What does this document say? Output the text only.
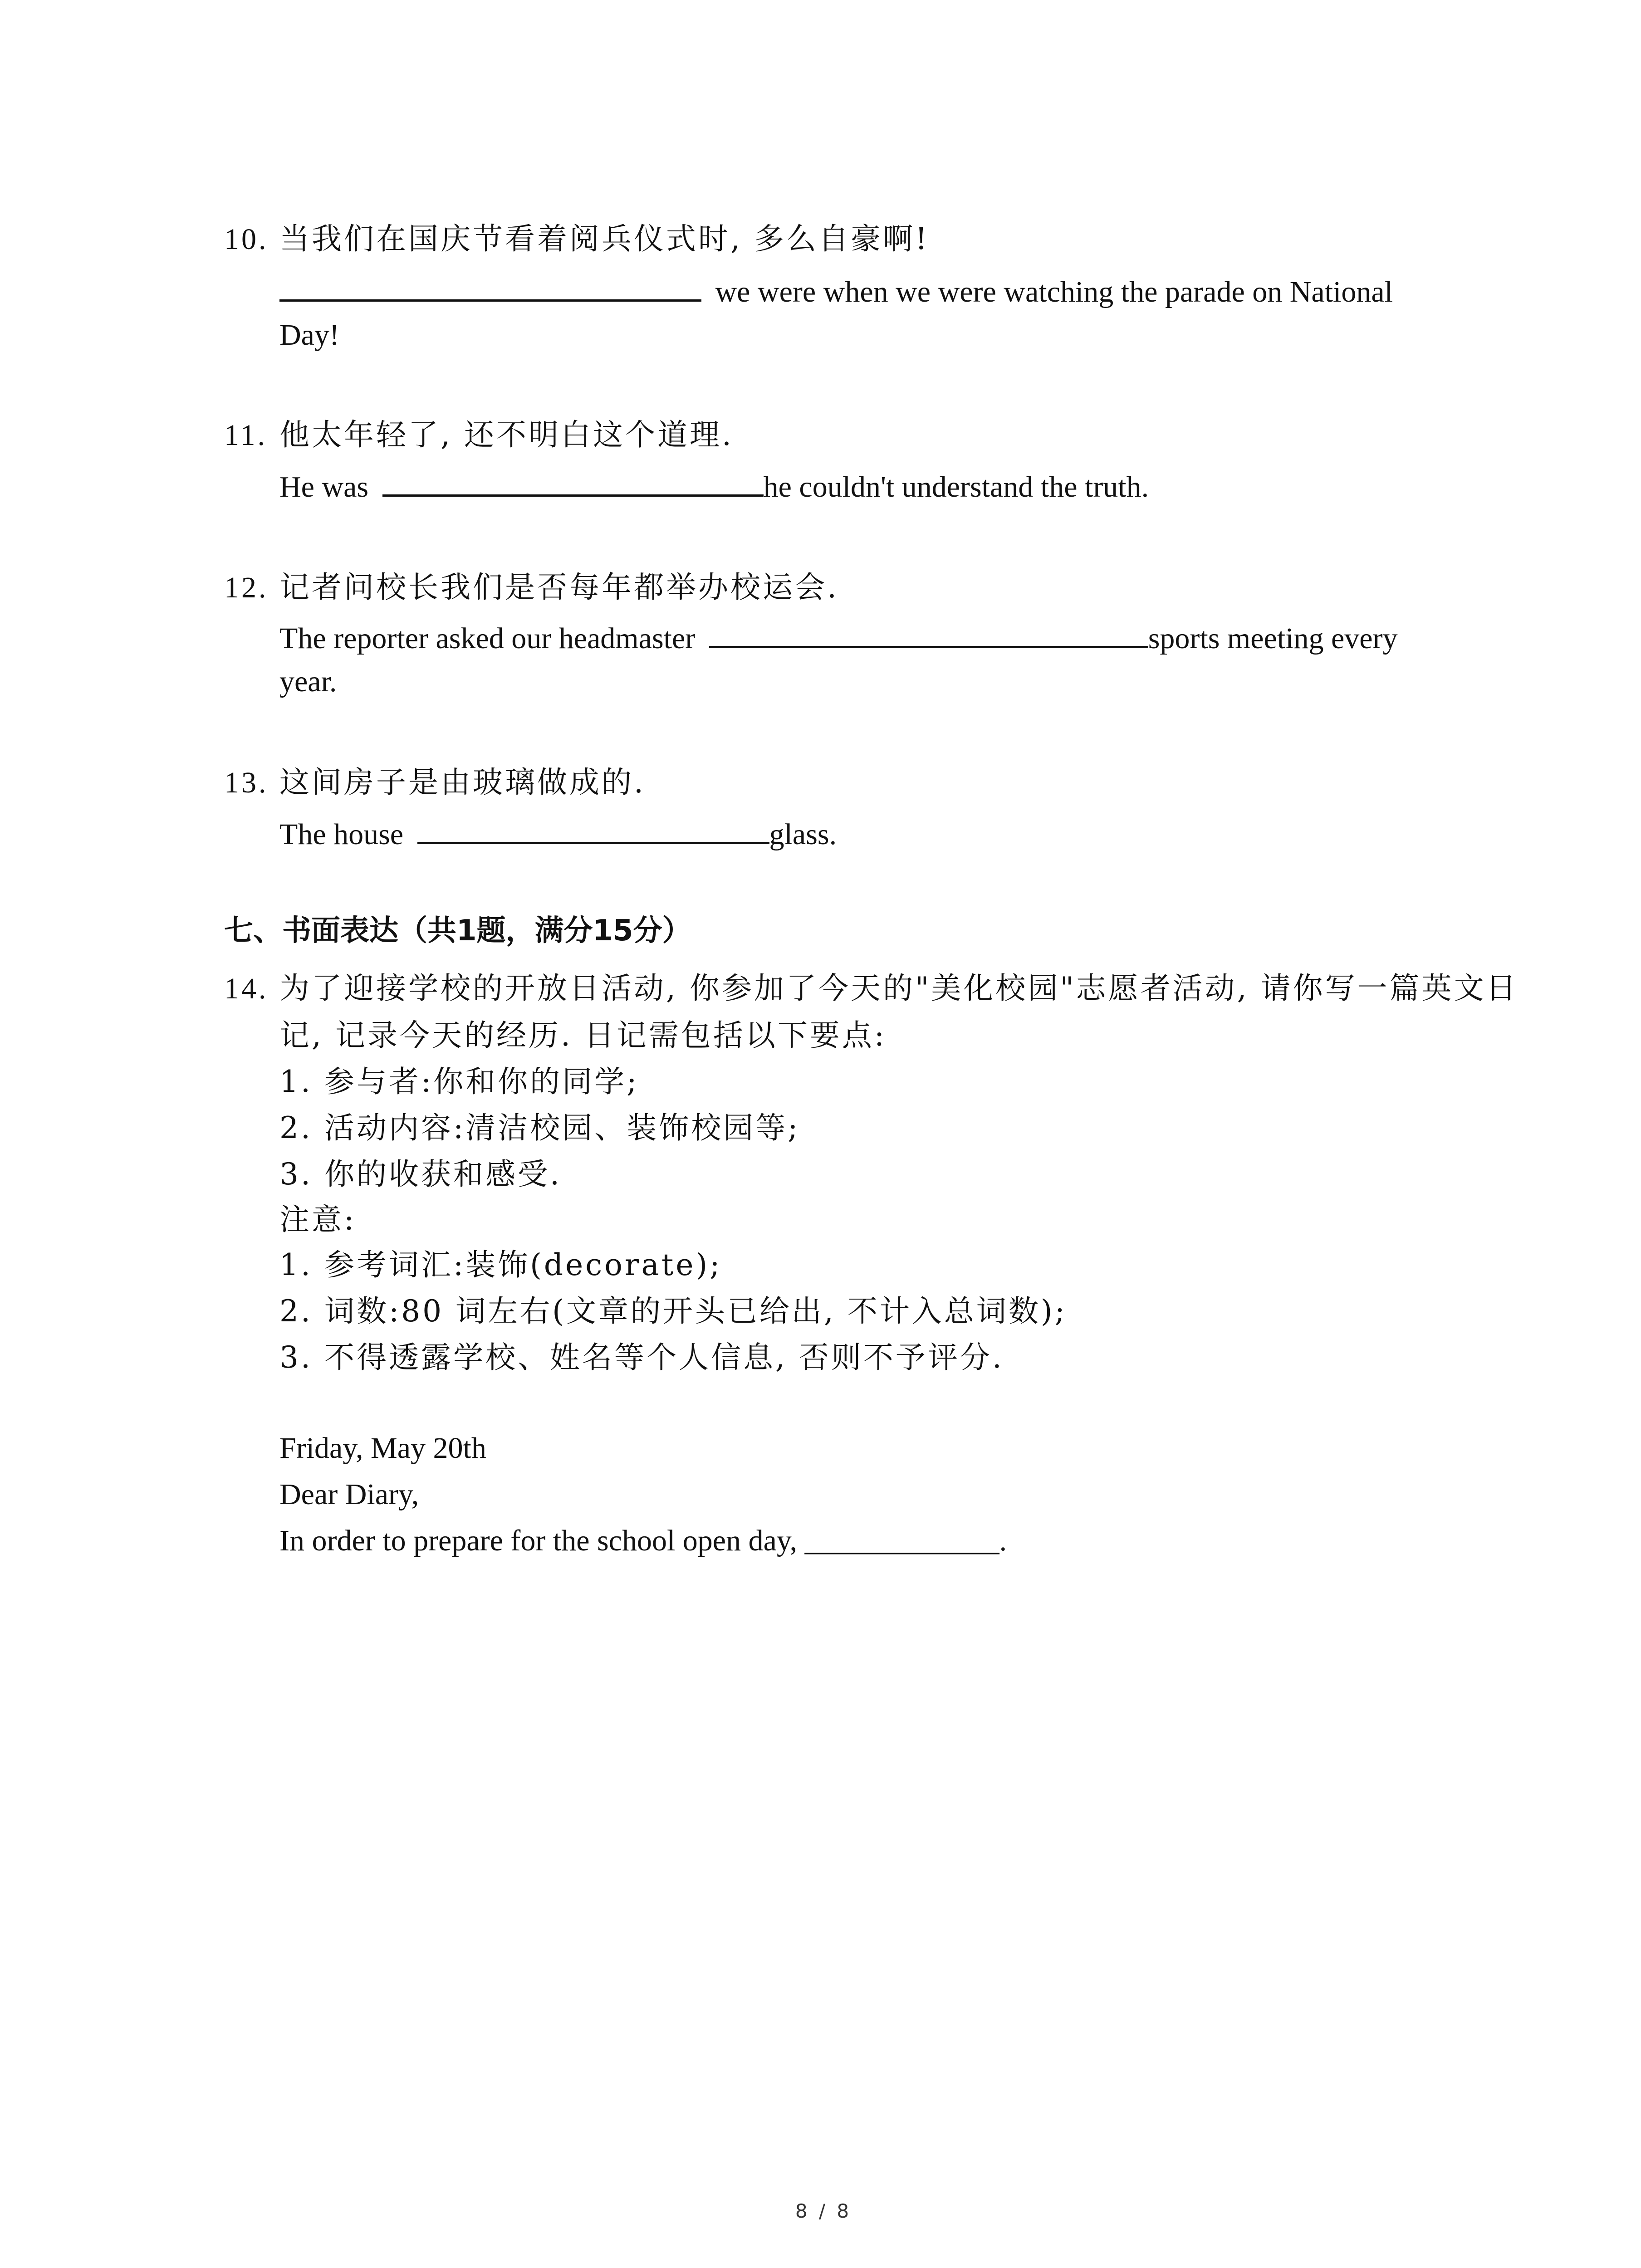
10. 当我们在国庆节看着阅兵仪式时, 多么自豪啊!
we were when we were watching the parade on National
Day!
11. 他太年轻了, 还不明白这个道理.
He was	he couldn't understand the truth.
12. 记者问校长我们是否每年都举办校运会.
The reporter asked our headmaster	sports meeting every
year.
13. 这间房子是由玻璃做成的.
The house	glass.
七、书面表达（共1题，满分15分）
14. 为了迎接学校的开放日活动, 你参加了今天的"美化校园"志愿者活动, 请你写一篇英文日
记, 记录今天的经历. 日记需包括以下要点:
1. 参与者:你和你的同学;
2. 活动内容:清洁校园、装饰校园等;
3. 你的收获和感受.
注意:
1. 参考词汇:装饰(decorate);
2. 词数:80 词左右(文章的开头已给出, 不计入总词数);
3. 不得透露学校、姓名等个人信息, 否则不予评分.
Friday, May 20th
Dear Diary,
In order to prepare for the school open day, _____________.
8 / 8
